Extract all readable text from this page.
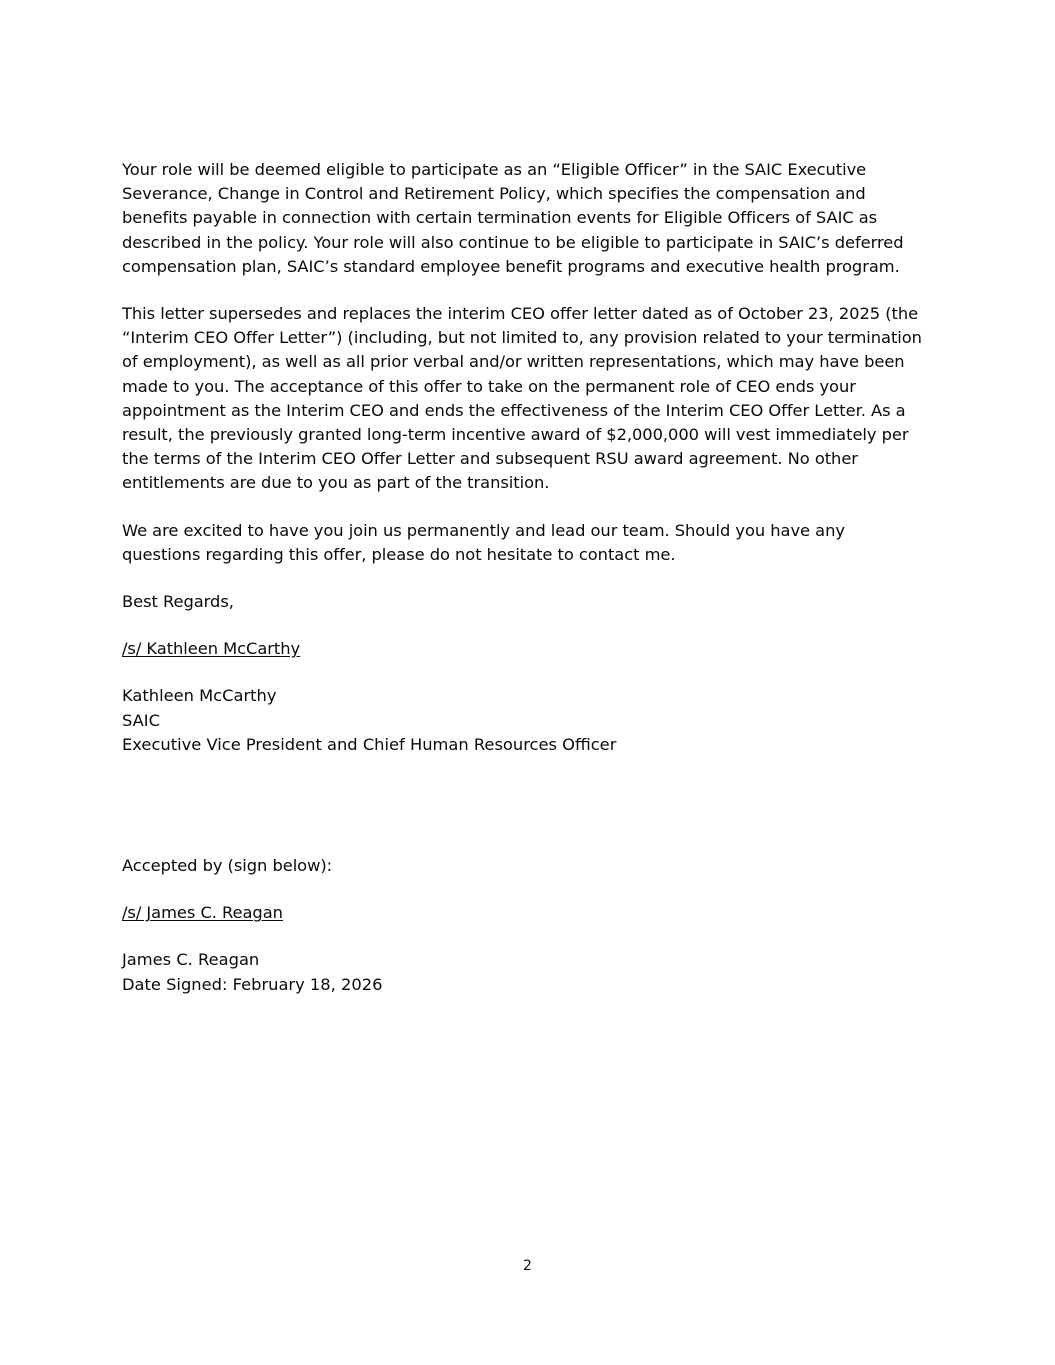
Your role will be deemed eligible to participate as an “Eligible Officer” in the SAIC Executive Severance, Change in Control and Retirement Policy, which specifies the compensation and benefits payable in connection with certain termination events for Eligible Officers of SAIC as described in the policy. Your role will also continue to be eligible to participate in SAIC’s deferred compensation plan, SAIC’s standard employee benefit programs and executive health program.

This letter supersedes and replaces the interim CEO offer letter dated as of October 23, 2025 (the “Interim CEO Offer Letter”) (including, but not limited to, any provision related to your termination of employment), as well as all prior verbal and/or written representations, which may have been made to you. The acceptance of this offer to take on the permanent role of CEO ends your appointment as the Interim CEO and ends the effectiveness of the Interim CEO Offer Letter. As a result, the previously granted long-term incentive award of $2,000,000 will vest immediately per the terms of the Interim CEO Offer Letter and subsequent RSU award agreement. No other entitlements are due to you as part of the transition.

We are excited to have you join us permanently and lead our team. Should you have any questions regarding this offer, please do not hesitate to contact me.

Best Regards,

/s/ Kathleen McCarthy

Kathleen McCarthy
SAIC
Executive Vice President and Chief Human Resources Officer

Accepted by (sign below):

/s/ James C. Reagan

James C. Reagan
Date Signed: February 18, 2026
2
